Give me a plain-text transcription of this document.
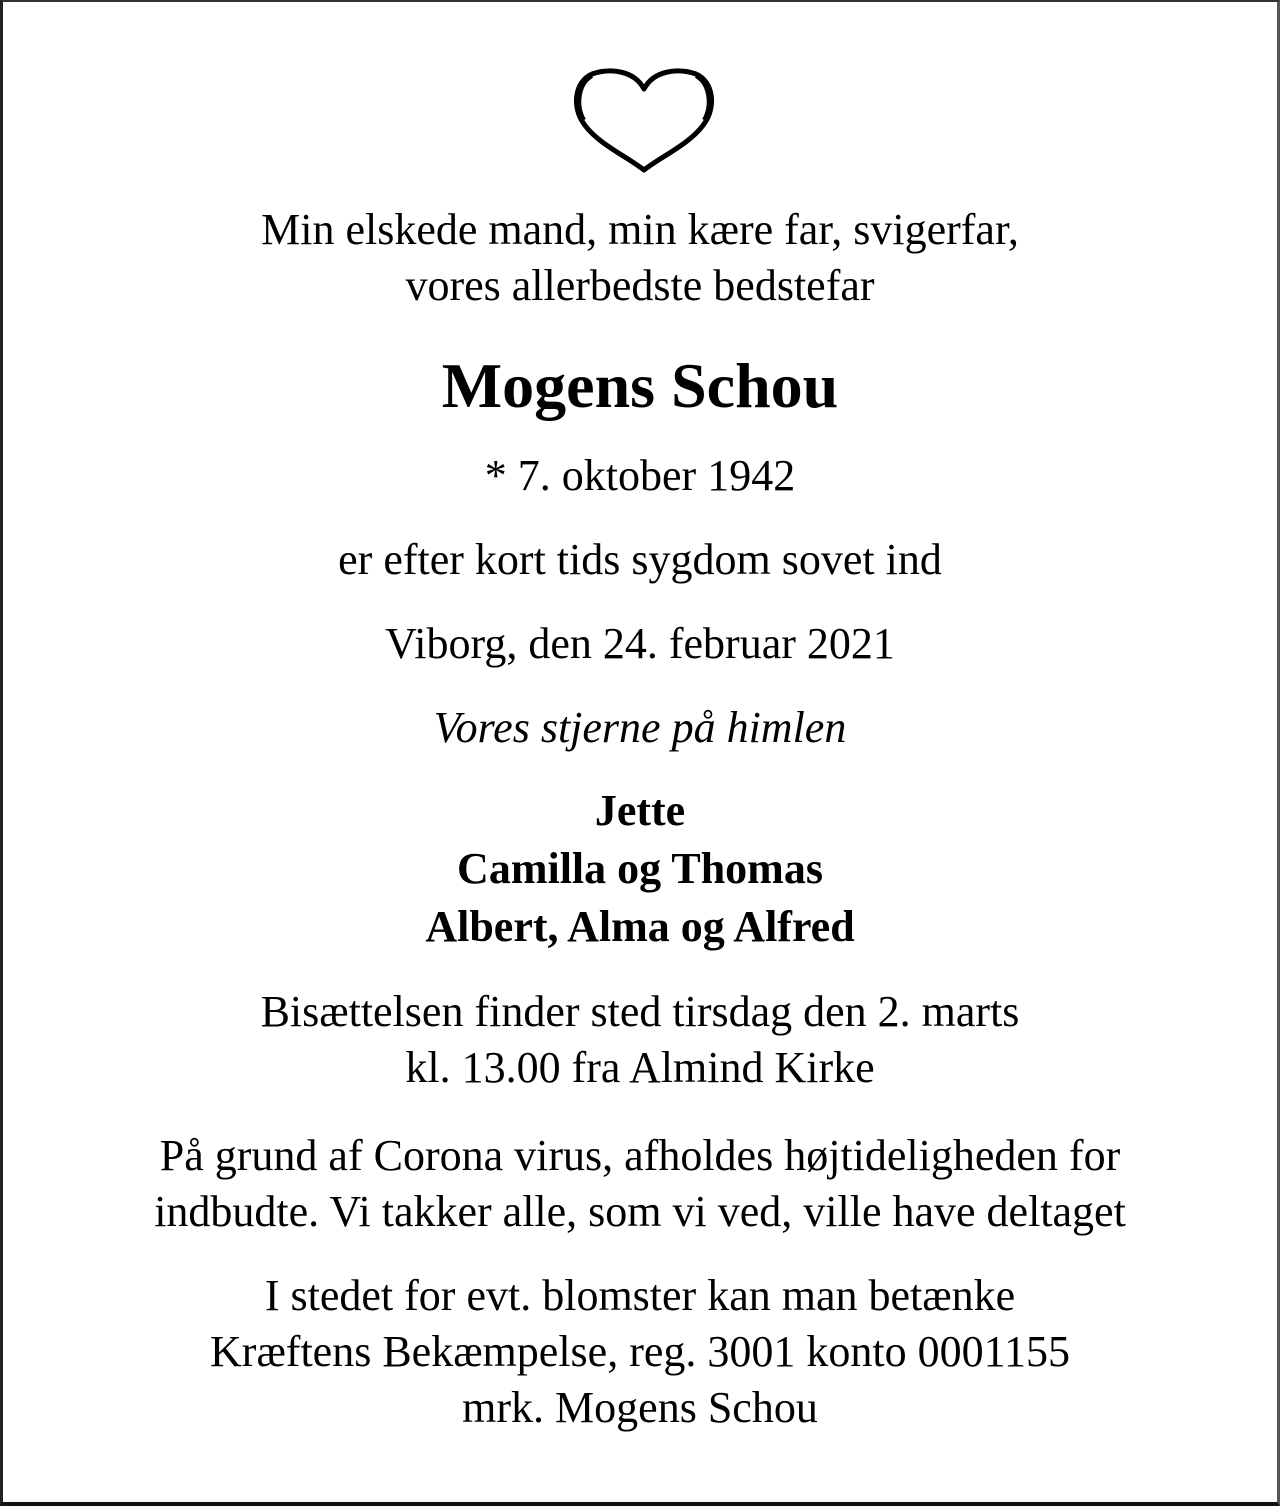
Min elskede mand, min kære far, svigerfar,
vores allerbedste bedstefar
Mogens Schou
* 7. oktober 1942
er efter kort tids sygdom sovet ind
Viborg, den 24. februar 2021
Vores stjerne på himlen
Jette
Camilla og Thomas
Albert, Alma og Alfred
Bisættelsen finder sted tirsdag den 2. marts
kl. 13.00 fra Almind Kirke
På grund af Corona virus, afholdes højtideligheden for
indbudte. Vi takker alle, som vi ved, ville have deltaget
I stedet for evt. blomster kan man betænke
Kræftens Bekæmpelse, reg. 3001 konto 0001155
mrk. Mogens Schou
